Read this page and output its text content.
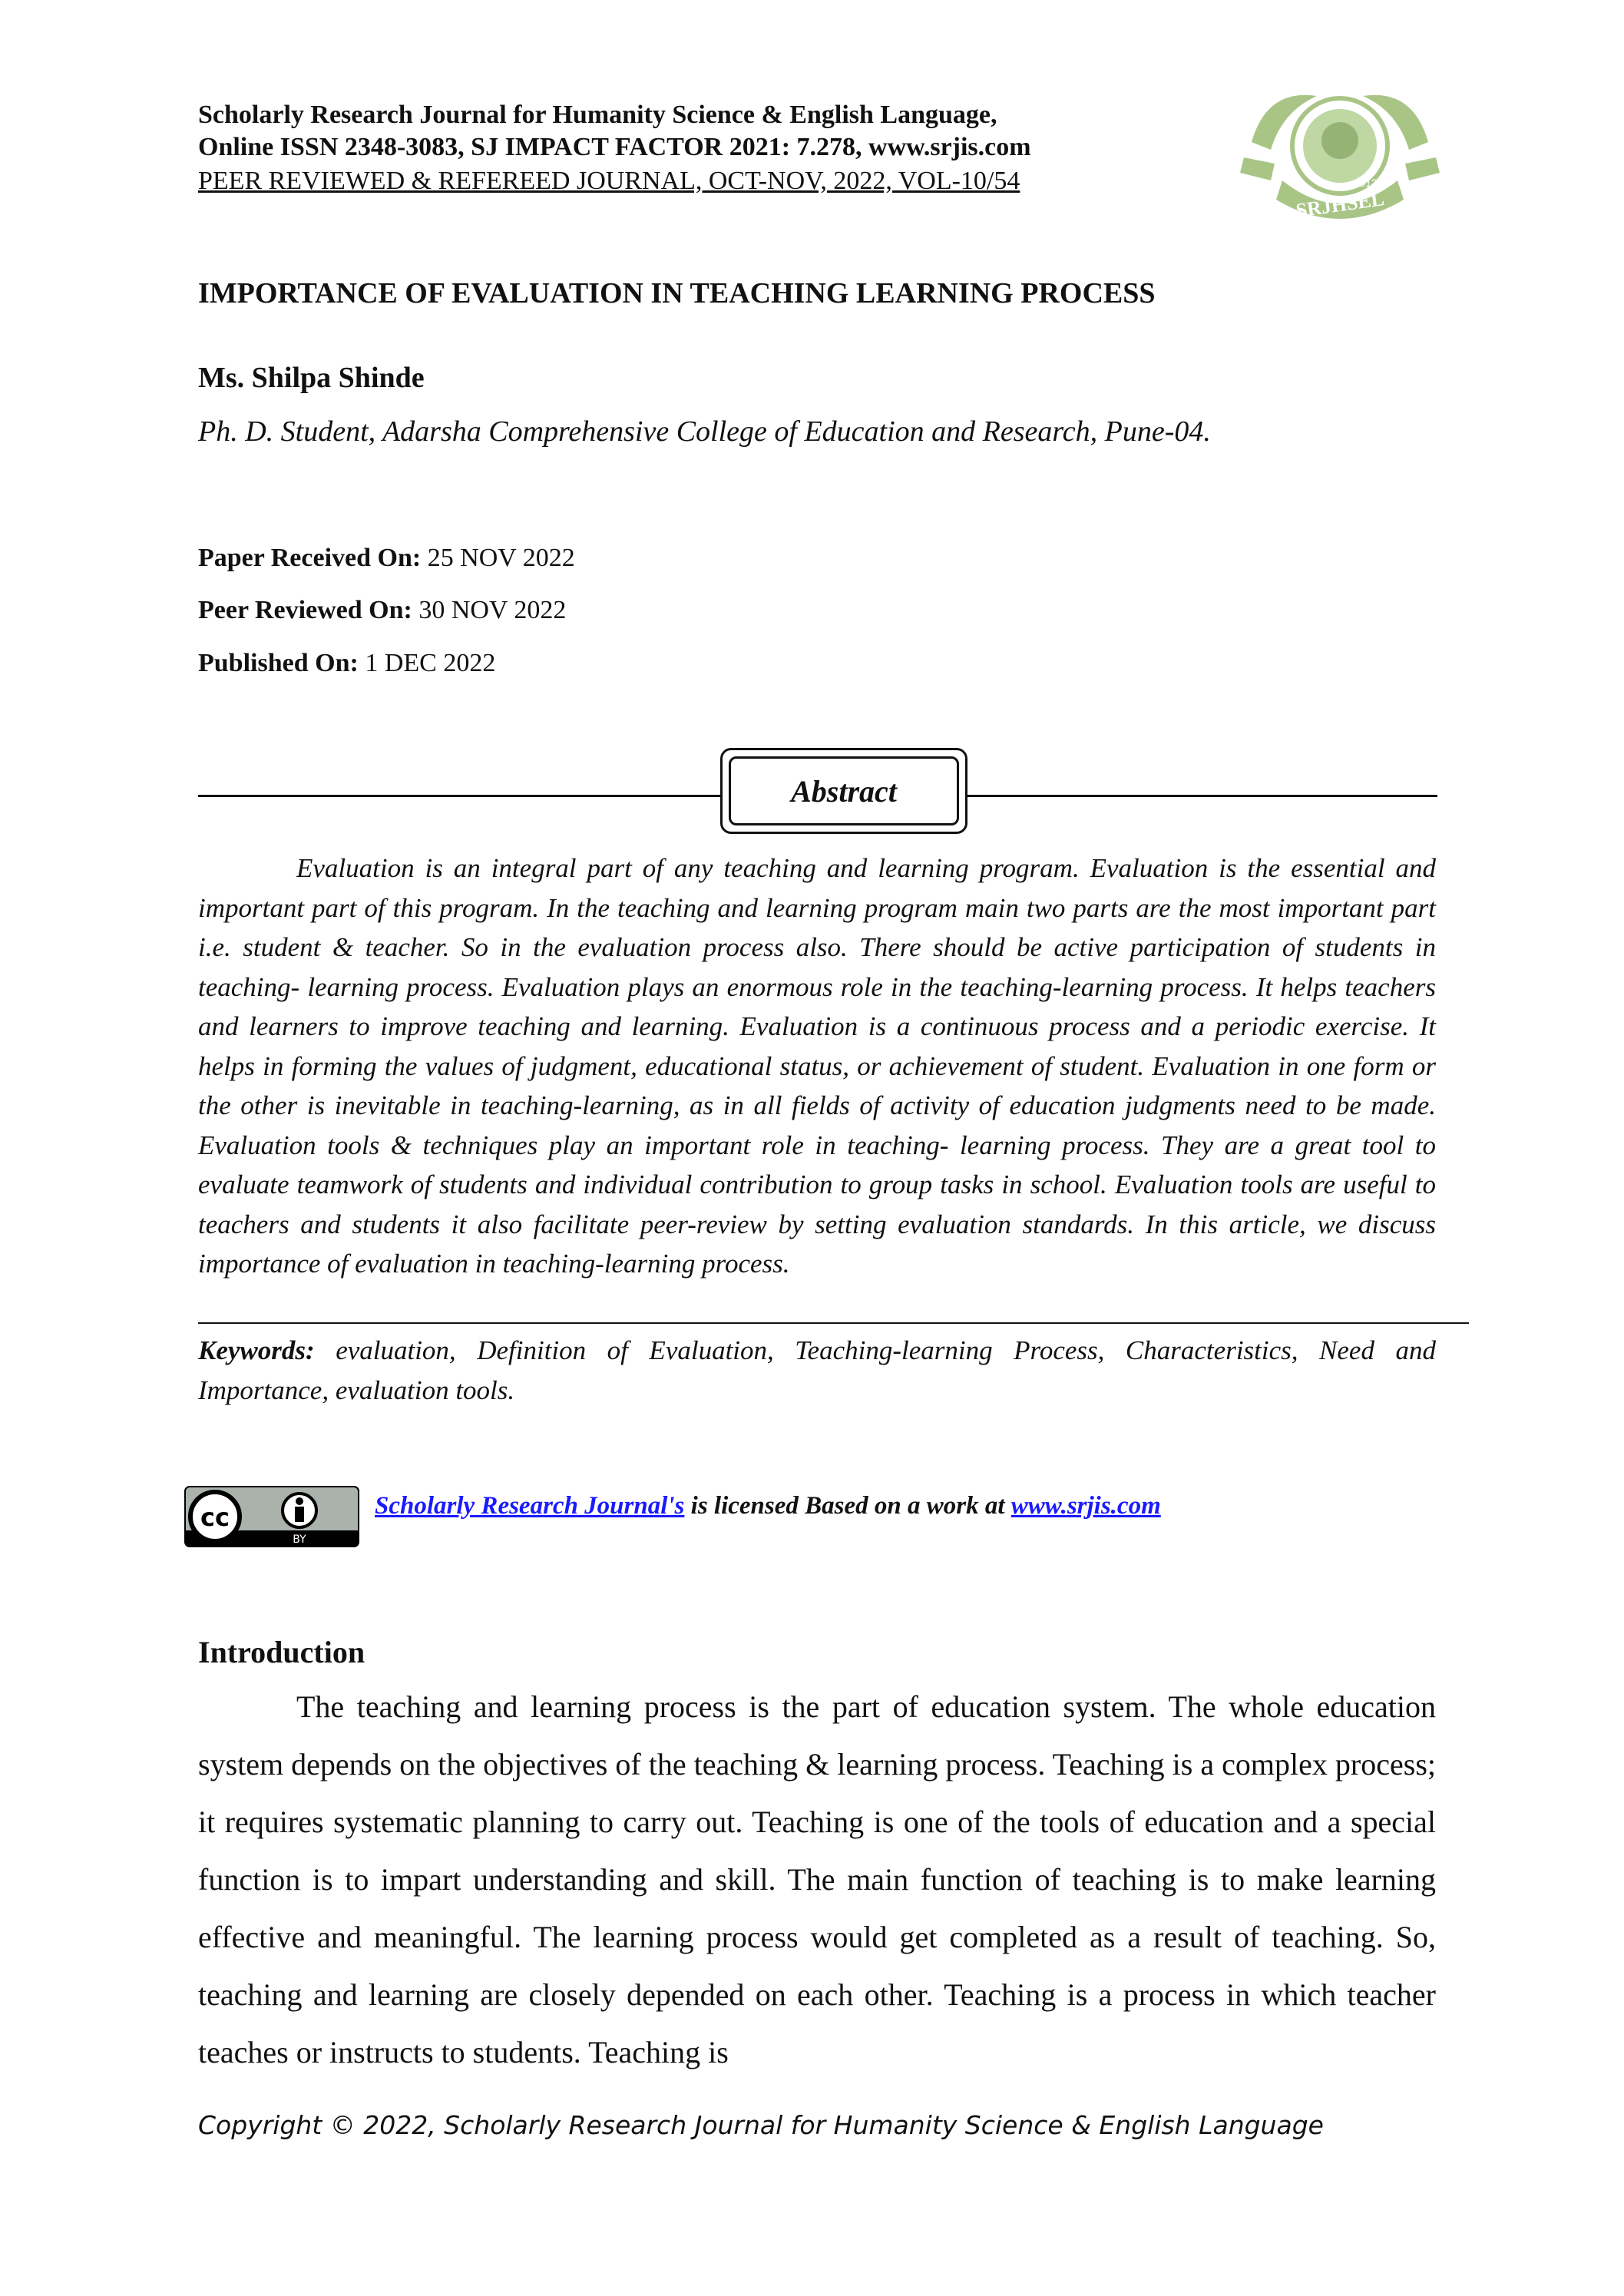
Scholarly Research Journal for Humanity Science & English Language,
Online ISSN 2348-3083, SJ IMPACT FACTOR 2021: 7.278, www.srjis.com
PEER REVIEWED & REFEREED JOURNAL, OCT-NOV, 2022, VOL-10/54
SRJHSEL
2012
IMPORTANCE OF EVALUATION IN TEACHING LEARNING PROCESS
Ms. Shilpa Shinde
Ph. D. Student, Adarsha Comprehensive College of Education and Research, Pune-04.
Paper Received On: 25 NOV 2022
Peer Reviewed On: 30 NOV 2022
Published On: 1 DEC 2022
Abstract
Evaluation is an integral part of any teaching and learning program. Evaluation is the essential and important part of this program. In the teaching and learning program main two parts are the most important part i.e. student & teacher. So in the evaluation process also. There should be active participation of students in teaching- learning process. Evaluation plays an enormous role in the teaching-learning process. It helps teachers and learners to improve teaching and learning. Evaluation is a continuous process and a periodic exercise. It helps in forming the values of judgment, educational status, or achievement of student. Evaluation in one form or the other is inevitable in teaching-learning, as in all fields of activity of education judgments need to be made. Evaluation tools & techniques play an important role in teaching- learning process. They are a great tool to evaluate teamwork of students and individual contribution to group tasks in school. Evaluation tools are useful to teachers and students it also facilitate peer-review by setting evaluation standards. In this article, we discuss importance of evaluation in teaching-learning process.
Keywords: evaluation, Definition of Evaluation, Teaching-learning Process, Characteristics, Need and Importance, evaluation tools.
cc
BY
Scholarly Research Journal's is licensed Based on a work at www.srjis.com
Introduction

The teaching and learning process is the part of education system. The whole education system depends on the objectives of the teaching & learning process. Teaching is a complex process; it requires systematic planning to carry out. Teaching is one of the tools of education and a special function is to impart understanding and skill. The main function of teaching is to make learning effective and meaningful. The learning process would get completed as a result of teaching. So, teaching and learning are closely depended on each other. Teaching is a process in which teacher teaches or instructs to students. Teaching is

Copyright © 2022, Scholarly Research Journal for Humanity Science & English Language
